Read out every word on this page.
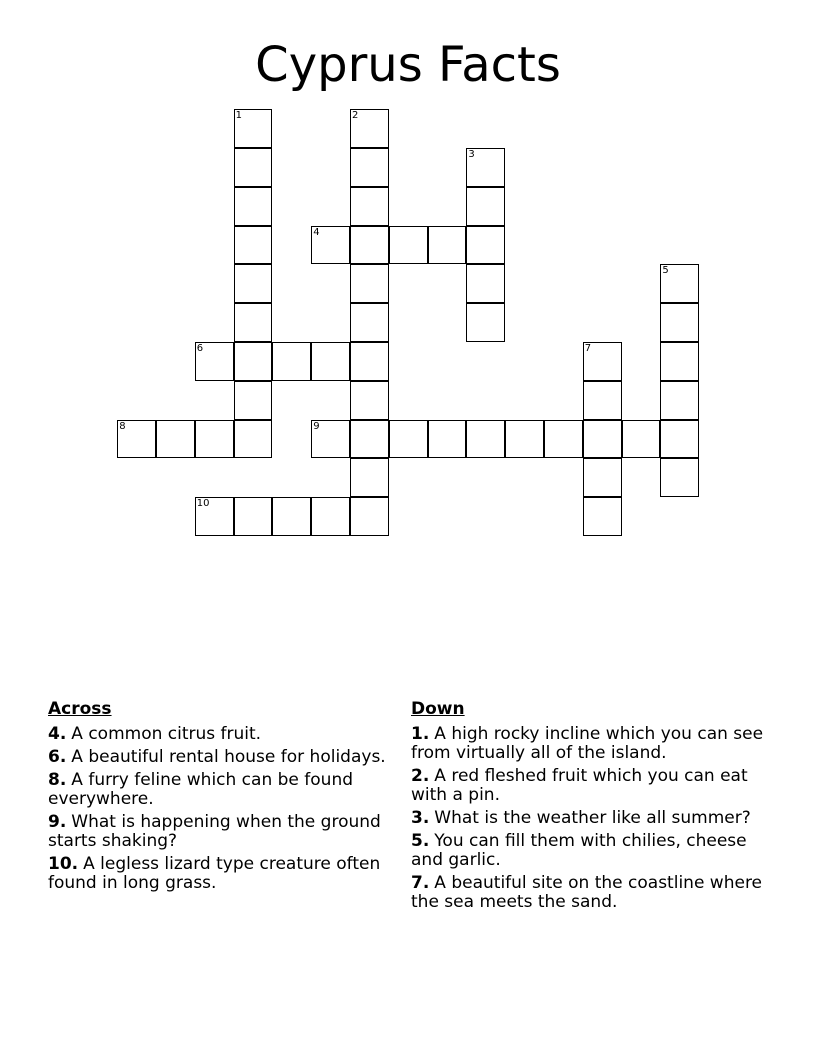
Cyprus Facts
1	2
3
4
5
6	7
8	9
10
Across
4. A common citrus fruit.
6. A beautiful rental house for holidays.
8. A furry feline which can be found everywhere.
9. What is happening when the ground starts shaking?
10. A legless lizard type creature often found in long grass.
Down
1. A high rocky incline which you can see from virtually all of the island.
2. A red fleshed fruit which you can eat with a pin.
3. What is the weather like all summer?
5. You can fill them with chilies, cheese and garlic.
7. A beautiful site on the coastline where the sea meets the sand.
